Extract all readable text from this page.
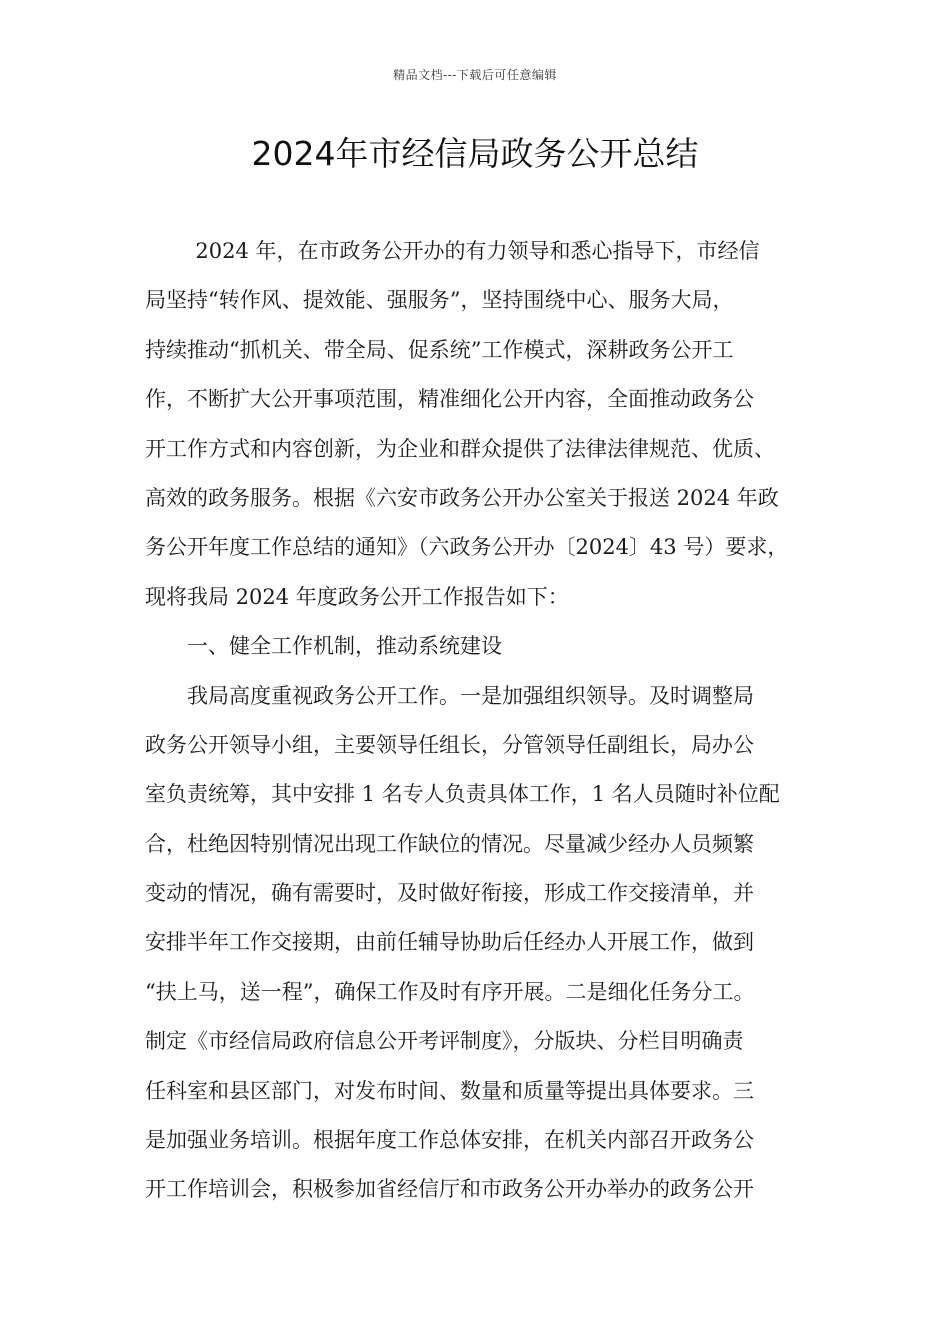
精品文档---下载后可任意编辑
2024年市经信局政务公开总结
2024 年，在市政务公开办的有力领导和悉心指导下，市经信
局坚持“转作风、提效能、强服务”，坚持围绕中心、服务大局，
持续推动“抓机关、带全局、促系统”工作模式，深耕政务公开工
作，不断扩大公开事项范围，精准细化公开内容，全面推动政务公
开工作方式和内容创新，为企业和群众提供了法律法律规范、优质、
高效的政务服务。根据《六安市政务公开办公室关于报送 2024 年政
务公开年度工作总结的通知》（六政务公开办〔2024〕43 号）要求，
现将我局 2024 年度政务公开工作报告如下：
一、健全工作机制，推动系统建设
我局高度重视政务公开工作。一是加强组织领导。及时调整局
政务公开领导小组，主要领导任组长，分管领导任副组长，局办公
室负责统筹，其中安排 1 名专人负责具体工作，1 名人员随时补位配
合，杜绝因特别情况出现工作缺位的情况。尽量减少经办人员频繁
变动的情况，确有需要时，及时做好衔接，形成工作交接清单，并
安排半年工作交接期，由前任辅导协助后任经办人开展工作，做到
“扶上马，送一程”，确保工作及时有序开展。二是细化任务分工。
制定《市经信局政府信息公开考评制度》，分版块、分栏目明确责
任科室和县区部门，对发布时间、数量和质量等提出具体要求。三
是加强业务培训。根据年度工作总体安排，在机关内部召开政务公
开工作培训会，积极参加省经信厅和市政务公开办举办的政务公开
